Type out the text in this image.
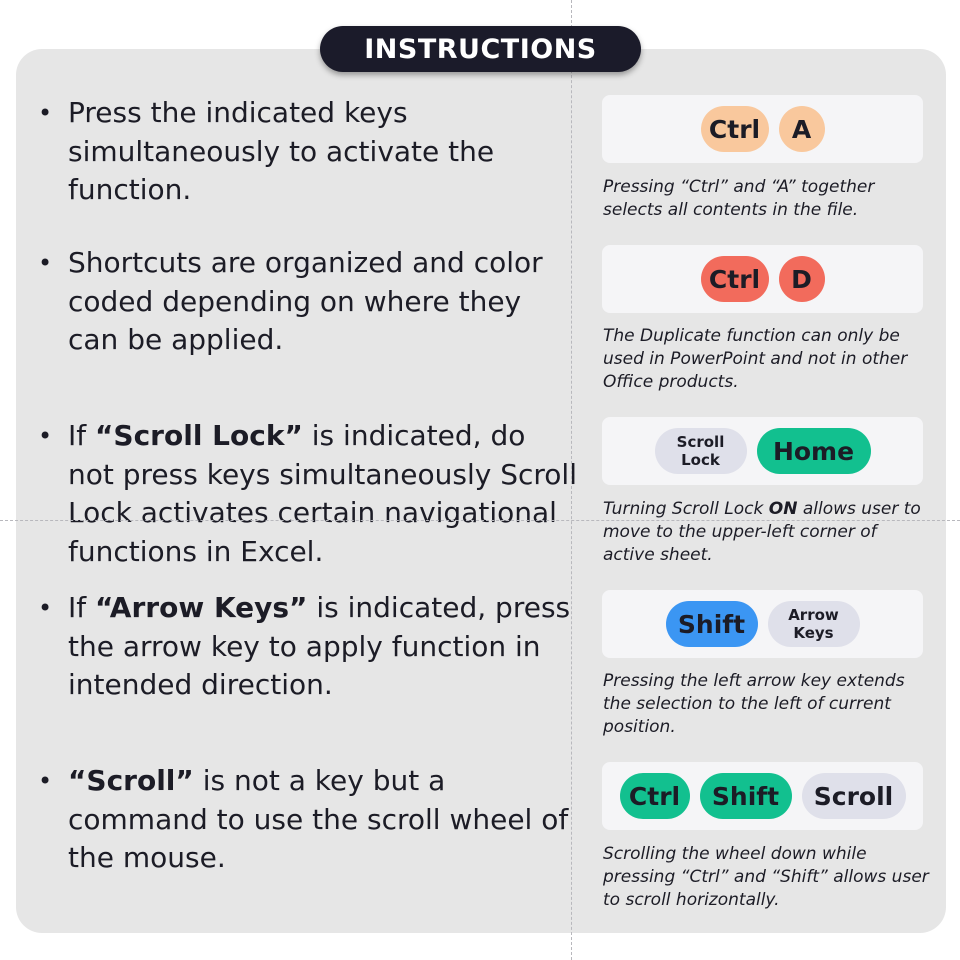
INSTRUCTIONS
• Press the indicated keys simultaneously to activate the function.
• Shortcuts are organized and color coded depending on where they can be applied.
• If “Scroll Lock” is indicated, do not press keys simultaneously Scroll Lock activates certain navigational functions in Excel.
• If “Arrow Keys” is indicated, press the arrow key to apply function in intended direction.
• “Scroll” is not a key but a command to use the scroll wheel of the mouse.
Ctrl	A
Pressing “Ctrl” and “A” together selects all contents in the file.
Ctrl	D
The Duplicate function can only be used in PowerPoint and not in other Office products.
Scroll
Lock	Home
Turning Scroll Lock ON allows user to move to the upper-left corner of active sheet.
Shift	Arrow
Keys
Pressing the left arrow key extends the selection to the left of current position.
Ctrl	Shift	Scroll
Scrolling the wheel down while pressing “Ctrl” and “Shift” allows user to scroll horizontally.
